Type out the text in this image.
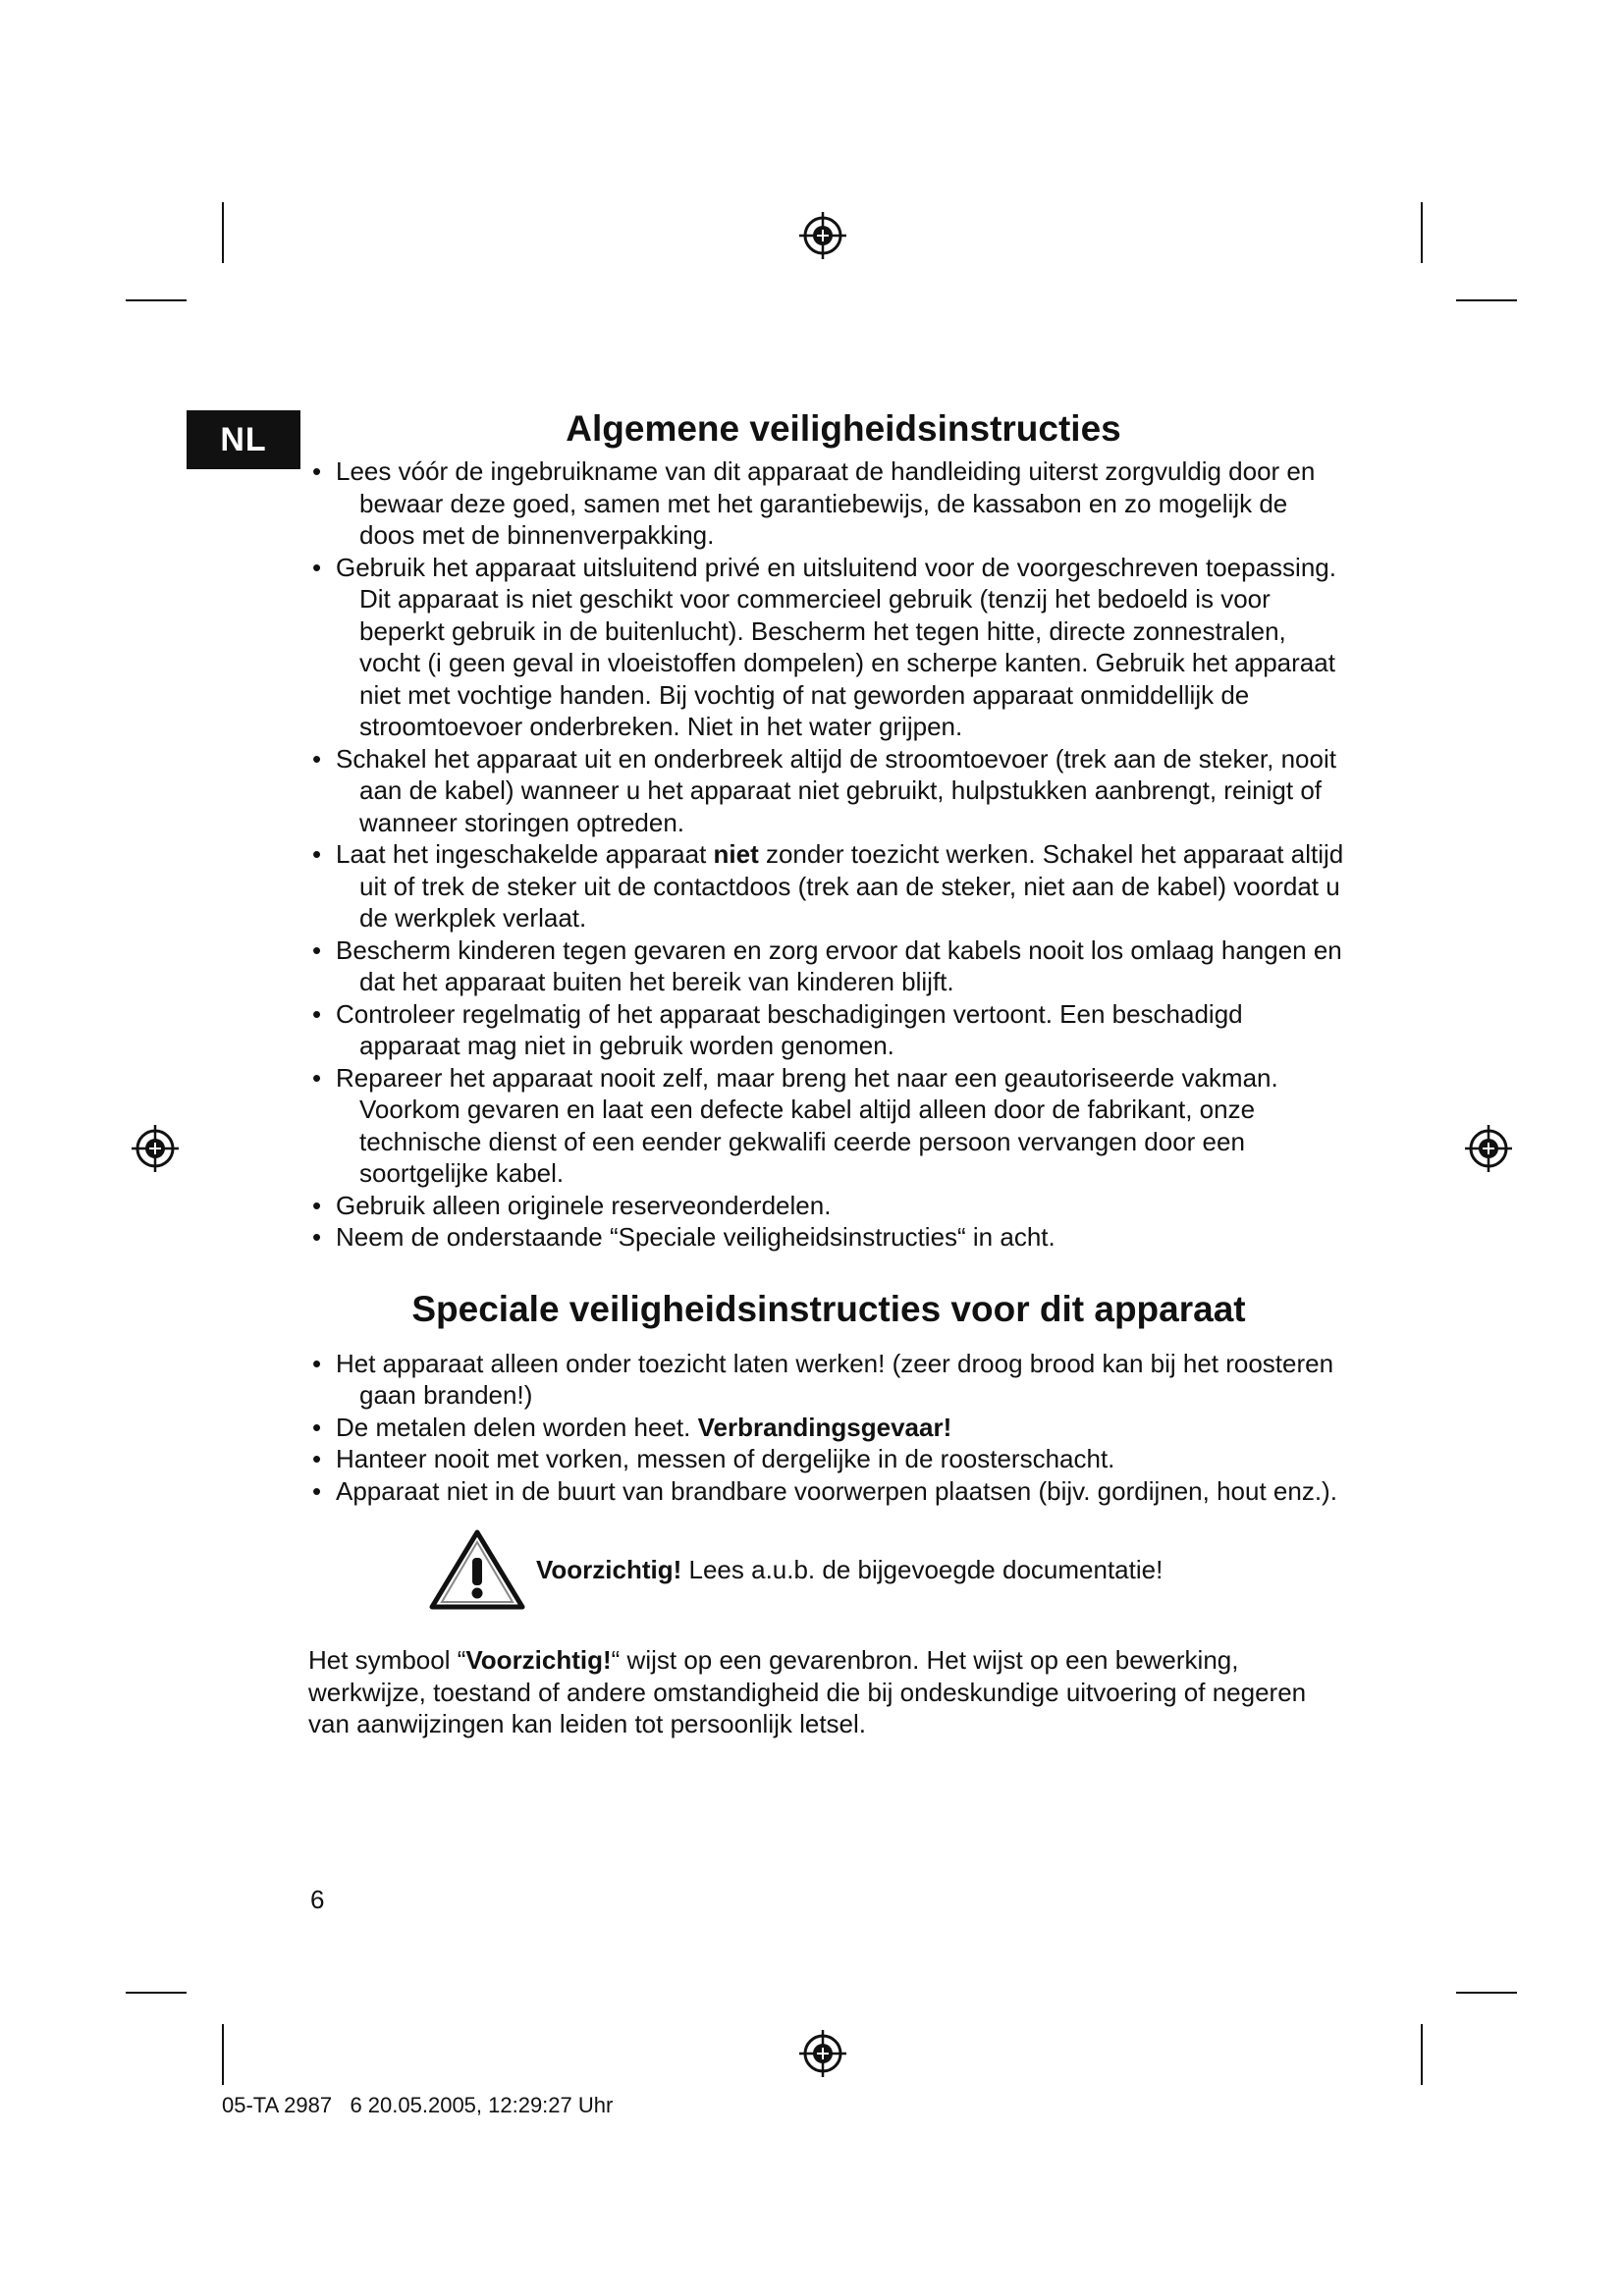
NL	Algemene veiligheidsinstructies
• Lees vóór de ingebruikname van dit apparaat de handleiding uiterst zorgvuldig door en bewaar deze goed, samen met het garantiebewijs, de kassabon en zo mogelijk de doos met de binnenverpakking.
• Gebruik het apparaat uitsluitend privé en uitsluitend voor de voorgeschreven toepassing. Dit apparaat is niet geschikt voor commercieel gebruik (tenzij het bedoeld is voor beperkt gebruik in de buitenlucht). Bescherm het tegen hitte, directe zonnestralen, vocht (i geen geval in vloeistoffen dompelen) en scherpe kanten. Gebruik het apparaat niet met vochtige handen. Bij vochtig of nat geworden apparaat onmiddellijk de stroomtoevoer onderbreken. Niet in het water grijpen.
• Schakel het apparaat uit en onderbreek altijd de stroomtoevoer (trek aan de steker, nooit aan de kabel) wanneer u het apparaat niet gebruikt, hulpstukken aanbrengt, reinigt of wanneer storingen optreden.
• Laat het ingeschakelde apparaat niet zonder toezicht werken. Schakel het apparaat altijd uit of trek de steker uit de contactdoos (trek aan de steker, niet aan de kabel) voordat u de werkplek verlaat.
• Bescherm kinderen tegen gevaren en zorg ervoor dat kabels nooit los omlaag hangen en dat het apparaat buiten het bereik van kinderen blijft.
• Controleer regelmatig of het apparaat beschadigingen vertoont. Een beschadigd apparaat mag niet in gebruik worden genomen.
• Repareer het apparaat nooit zelf, maar breng het naar een geautoriseerde vakman. Voorkom gevaren en laat een defecte kabel altijd alleen door de fabrikant, onze technische dienst of een eender gekwalifi ceerde persoon vervangen door een soortgelijke kabel.
• Gebruik alleen originele reserveonderdelen.
• Neem de onderstaande “Speciale veiligheidsinstructies“ in acht.
Speciale veiligheidsinstructies voor dit apparaat
• Het apparaat alleen onder toezicht laten werken! (zeer droog brood kan bij het roosteren gaan branden!)
• De metalen delen worden heet. Verbrandingsgevaar!
• Hanteer nooit met vorken, messen of dergelijke in de roosterschacht.
• Apparaat niet in de buurt van brandbare voorwerpen plaatsen (bijv. gordijnen, hout enz.).
Voorzichtig! Lees a.u.b. de bijgevoegde documentatie!

Het symbool “Voorzichtig!“ wijst op een gevarenbron. Het wijst op een bewerking, werkwijze, toestand of andere omstandigheid die bij ondeskundige uitvoering of negeren van aanwijzingen kan leiden tot persoonlijk letsel.

6
05-TA 2987   6 20.05.2005, 12:29:27 Uhr
